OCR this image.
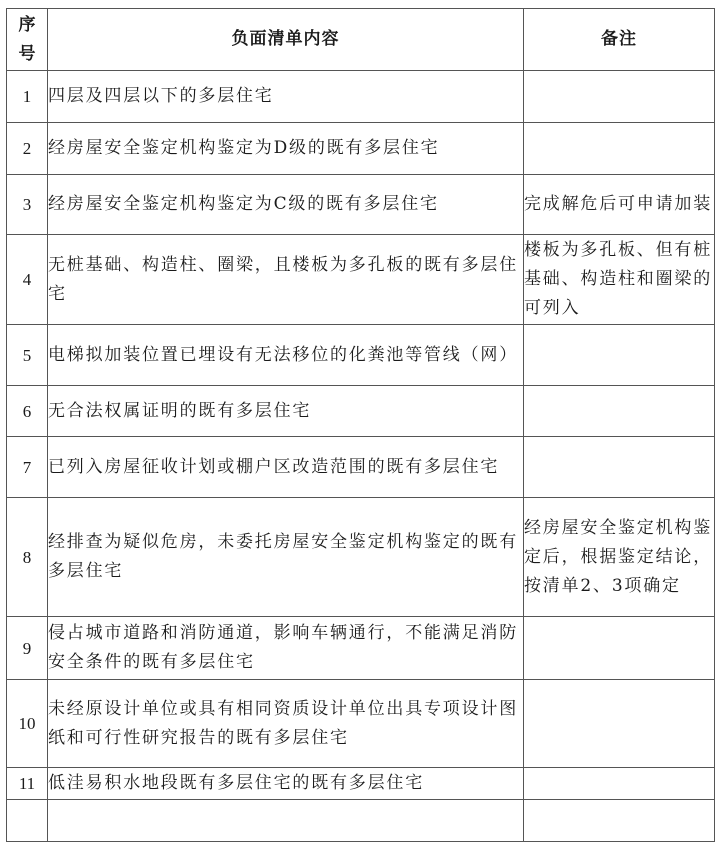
序
号	负面清单内容	备注
1	四层及四层以下的多层住宅	
2	经房屋安全鉴定机构鉴定为D级的既有多层住宅	
3	经房屋安全鉴定机构鉴定为C级的既有多层住宅	完成解危后可申请加装
4	无桩基础、构造柱、圈梁，且楼板为多孔板的既有多层住宅	楼板为多孔板、但有桩基础、构造柱和圈梁的可列入
5	电梯拟加装位置已埋设有无法移位的化粪池等管线（网）	
6	无合法权属证明的既有多层住宅	
7	已列入房屋征收计划或棚户区改造范围的既有多层住宅	
8	经排查为疑似危房，未委托房屋安全鉴定机构鉴定的既有多层住宅	经房屋安全鉴定机构鉴定后，根据鉴定结论，按清单2、3项确定
9	侵占城市道路和消防通道，影响车辆通行，不能满足消防安全条件的既有多层住宅	
10	未经原设计单位或具有相同资质设计单位出具专项设计图纸和可行性研究报告的既有多层住宅	
11	低洼易积水地段既有多层住宅的既有多层住宅	
